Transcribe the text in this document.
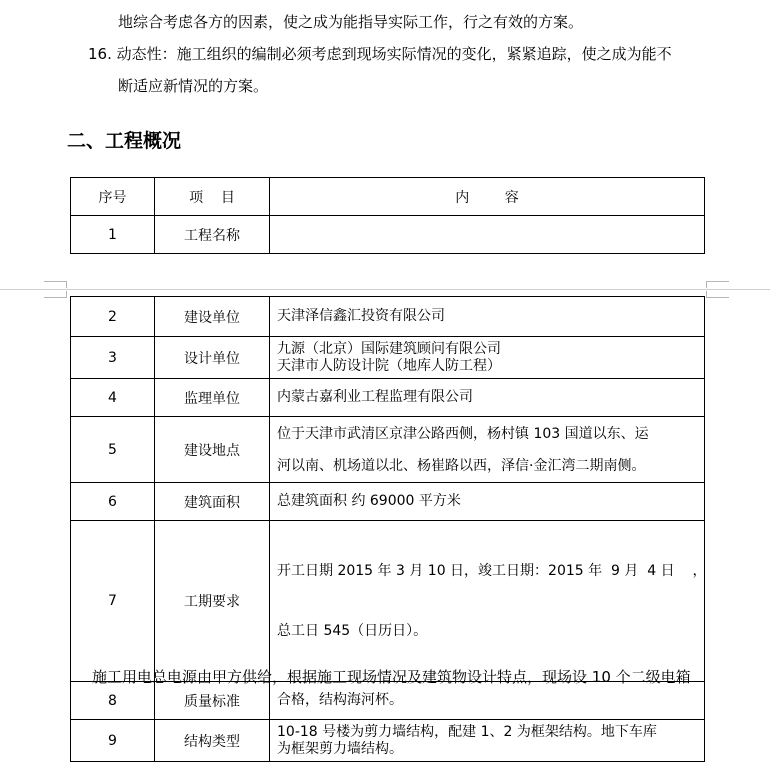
地综合考虑各方的因素，使之成为能指导实际工作，行之有效的方案。
16. 动态性：施工组织的编制必须考虑到现场实际情况的变化，紧紧追踪，使之成为能不
断适应新情况的方案。
二、工程概况
序号	项    目	内        容
1	工程名称	
2	建设单位	天津泽信鑫汇投资有限公司
3	设计单位	九源（北京）国际建筑顾问有限公司
天津市人防设计院（地库人防工程）

4	监理单位	内蒙古嘉利业工程监理有限公司
5	建设地点	位于天津市武清区京津公路西侧，杨村镇 103 国道以东、运
河以南、机场道以北、杨崔路以西，泽信·金汇湾二期南侧。

6	建筑面积	总建筑面积 约 69000 平方米
7	工期要求	开工日期 2015 年 3 月 10 日，竣工日期：2015 年  9 月  4 日    ，

总工日 545（日历日）。

8	质量标准	合格，结构海河杯。
9	结构类型	10-18 号楼为剪力墙结构，配建 1、2 为框架结构。地下车库
为框架剪力墙结构。
施工用电总电源由甲方供给，根据施工现场情况及建筑物设计特点，现场设 10 个二级电箱
